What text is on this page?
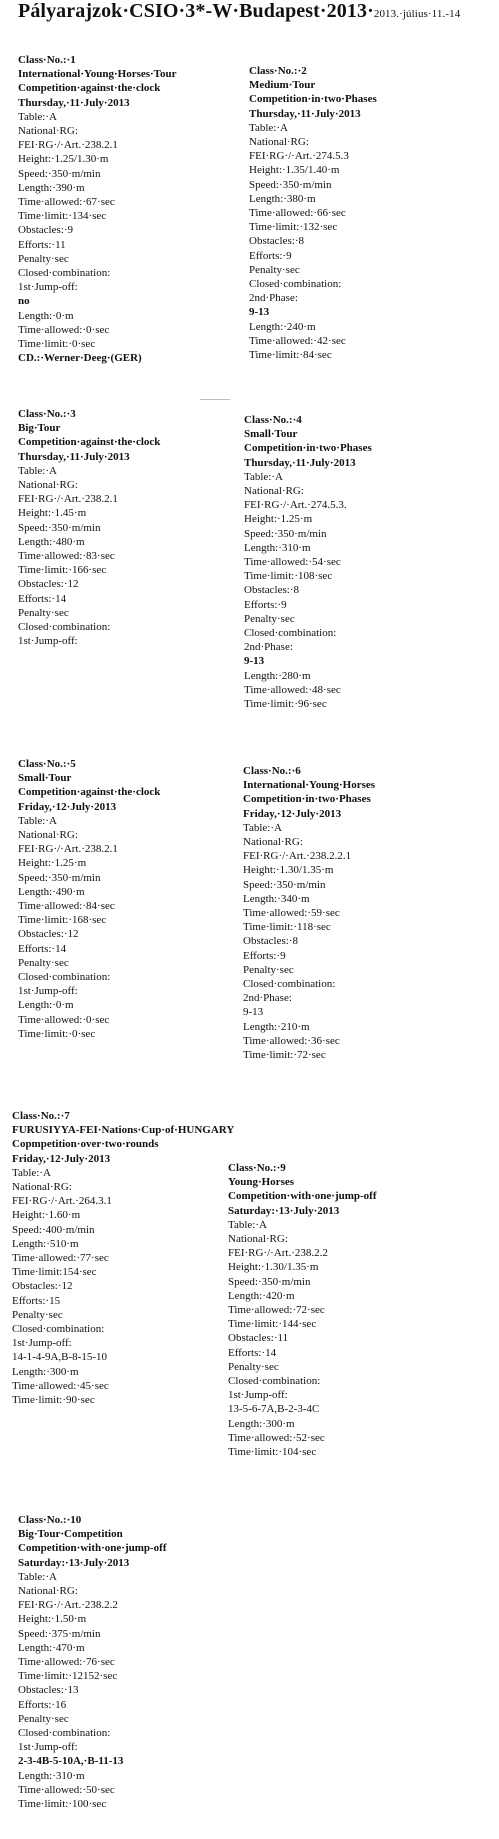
Pályarajzok·CSIO·3*-W·Budapest·2013·2013.·július·11.-14
Class·No.:·1
International·Young·Horses·Tour
Competition·against·the·clock
Thursday,·11·July·2013
Table:·A
National·RG:
FEI·RG·/·Art.·238.2.1
Height:·1.25/1.30·m
Speed:·350·m/min
Length:·390·m
Time·allowed:·67·sec
Time·limit:·134·sec
Obstacles:·9
Efforts:·11
Penalty·sec
Closed·combination:
1st·Jump-off:
no
Length:·0·m
Time·allowed:·0·sec
Time·limit:·0·sec
CD.:·Werner·Deeg·(GER)
Class·No.:·2
Medium·Tour
Competition·in·two·Phases
Thursday,·11·July·2013
Table:·A
National·RG:
FEI·RG·/·Art.·274.5.3
Height:·1.35/1.40·m
Speed:·350·m/min
Length:·380·m
Time·allowed:·66·sec
Time·limit:·132·sec
Obstacles:·8
Efforts:·9
Penalty·sec
Closed·combination:
2nd·Phase:
9-13
Length:·240·m
Time·allowed:·42·sec
Time·limit:·84·sec
Class·No.:·3
Big·Tour
Competition·against·the·clock
Thursday,·11·July·2013
Table:·A
National·RG:
FEI·RG·/·Art.·238.2.1
Height:·1.45·m
Speed:·350·m/min
Length:·480·m
Time·allowed:·83·sec
Time·limit:·166·sec
Obstacles:·12
Efforts:·14
Penalty·sec
Closed·combination:
1st·Jump-off:
Class·No.:·4
Small·Tour
Competition·in·two·Phases
Thursday,·11·July·2013
Table:·A
National·RG:
FEI·RG·/·Art.·274.5.3.
Height:·1.25·m
Speed:·350·m/min
Length:·310·m
Time·allowed:·54·sec
Time·limit:·108·sec
Obstacles:·8
Efforts:·9
Penalty·sec
Closed·combination:
2nd·Phase:
9-13
Length:·280·m
Time·allowed:·48·sec
Time·limit:·96·sec
Class·No.:·5
Small·Tour
Competition·against·the·clock
Friday,·12·July·2013
Table:·A
National·RG:
FEI·RG·/·Art.·238.2.1
Height:·1.25·m
Speed:·350·m/min
Length:·490·m
Time·allowed:·84·sec
Time·limit:·168·sec
Obstacles:·12
Efforts:·14
Penalty·sec
Closed·combination:
1st·Jump-off:
Length:·0·m
Time·allowed:·0·sec
Time·limit:·0·sec
Class·No.:·6
International·Young·Horses
Competition·in·two·Phases
Friday,·12·July·2013
Table:·A
National·RG:
FEI·RG·/·Art.·238.2.2.1
Height:·1.30/1.35·m
Speed:·350·m/min
Length:·340·m
Time·allowed:·59·sec
Time·limit:·118·sec
Obstacles:·8
Efforts:·9
Penalty·sec
Closed·combination:
2nd·Phase:
9-13
Length:·210·m
Time·allowed:·36·sec
Time·limit:·72·sec
Class·No.:·7
FURUSIYYA-FEI·Nations·Cup·of·HUNGARY
Copmpetition·over·two·rounds
Friday,·12·July·2013
Table:·A
National·RG:
FEI·RG·/·Art.·264.3.1
Height:·1.60·m
Speed:·400·m/min
Length:·510·m
Time·allowed:·77·sec
Time·limit:154·sec
Obstacles:·12
Efforts:·15
Penalty·sec
Closed·combination:
1st·Jump-off:
14-1-4-9A,B-8-15-10
Length:·300·m
Time·allowed:·45·sec
Time·limit:·90·sec
Class·No.:·9
Young·Horses
Competition·with·one·jump-off
Saturday:·13·July·2013
Table:·A
National·RG:
FEI·RG·/·Art.·238.2.2
Height:·1.30/1.35·m
Speed:·350·m/min
Length:·420·m
Time·allowed:·72·sec
Time·limit:·144·sec
Obstacles:·11
Efforts:·14
Penalty·sec
Closed·combination:
1st·Jump-off:
13-5-6-7A,B-2-3-4C
Length:·300·m
Time·allowed:·52·sec
Time·limit:·104·sec
Class·No.:·10
Big·Tour·Competition
Competition·with·one·jump-off
Saturday:·13·July·2013
Table:·A
National·RG:
FEI·RG·/·Art.·238.2.2
Height:·1.50·m
Speed:·375·m/min
Length:·470·m
Time·allowed:·76·sec
Time·limit:·12152·sec
Obstacles:·13
Efforts:·16
Penalty·sec
Closed·combination:
1st·Jump-off:
2-3-4B-5-10A,·B-11-13
Length:·310·m
Time·allowed:·50·sec
Time·limit:·100·sec
